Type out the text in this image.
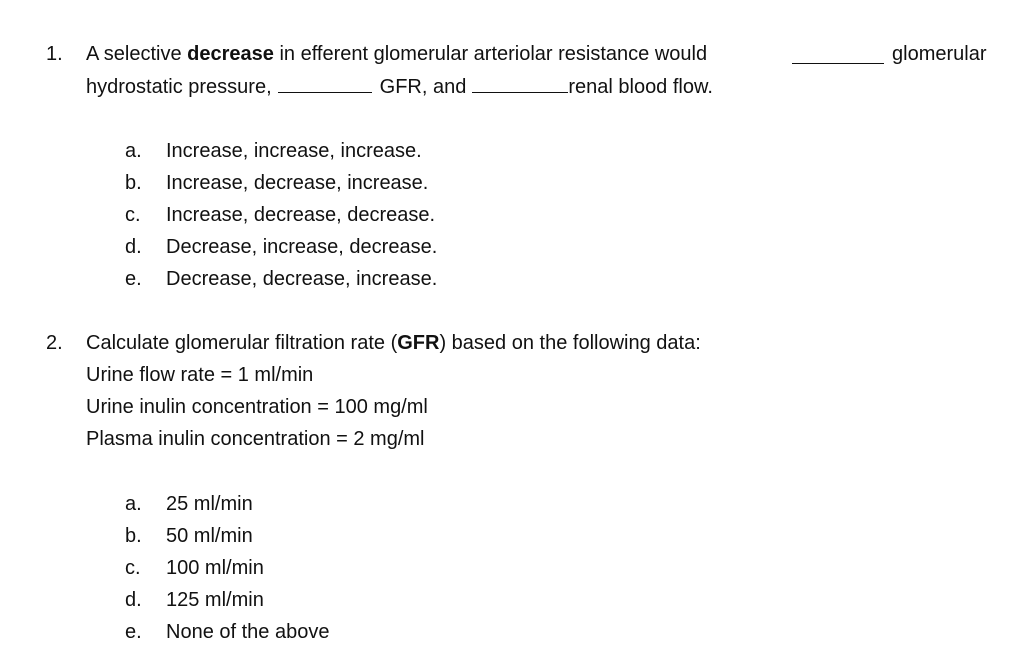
1. A selective decrease in efferent glomerular arteriolar resistance would	glomerular
hydrostatic pressure,	GFR, and	renal blood flow.
a. Increase, increase, increase.
b. Increase, decrease, increase.
c. Increase, decrease, decrease.
d. Decrease, increase, decrease.
e. Decrease, decrease, increase.
2. Calculate glomerular filtration rate (GFR) based on the following data:
Urine flow rate = 1 ml/min
Urine inulin concentration = 100 mg/ml
Plasma inulin concentration = 2 mg/ml
a. 25 ml/min
b. 50 ml/min
c. 100 ml/min
d. 125 ml/min
e. None of the above
